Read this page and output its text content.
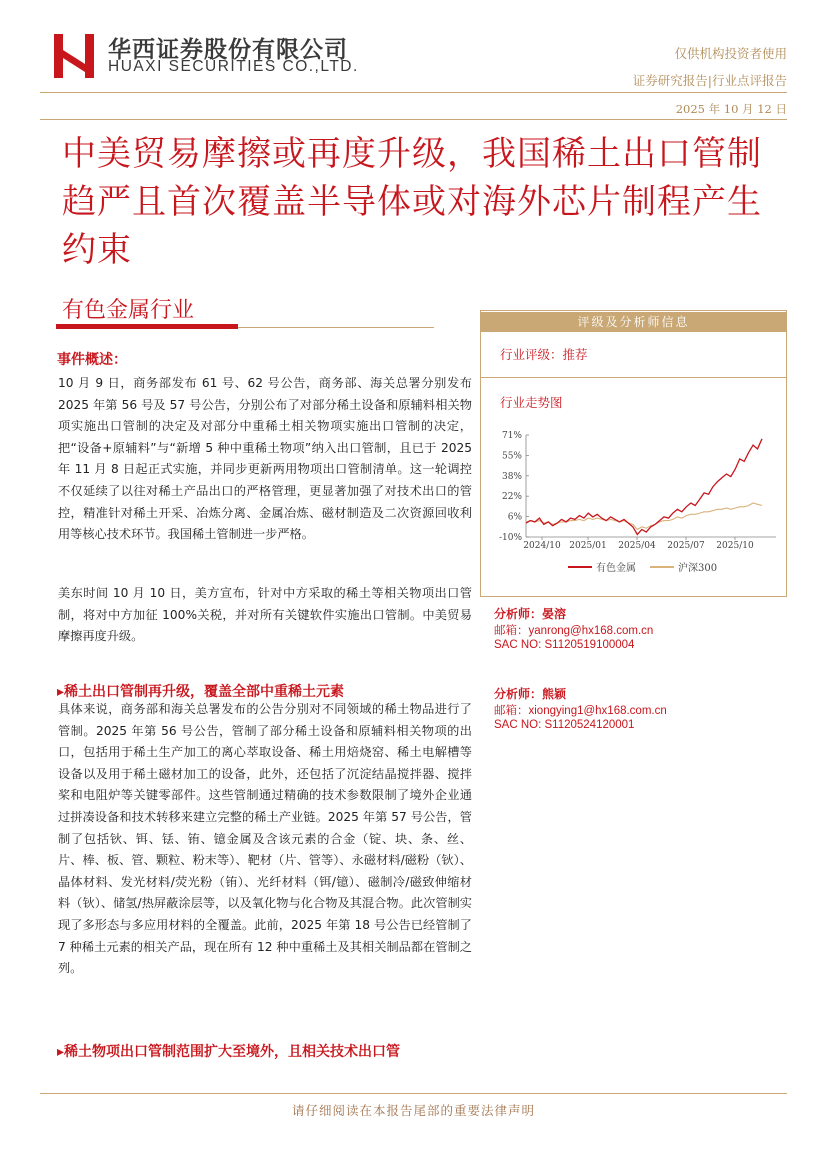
华西证券股份有限公司
HUAXI SECURITIES CO.,LTD.
仅供机构投资者使用
证券研究报告|行业点评报告
2025 年 10 月 12 日
中美贸易摩擦或再度升级，我国稀土出口管制趋严且首次覆盖半导体或对海外芯片制程产生约束
有色金属行业
事件概述：
10 月 9 日，商务部发布 61 号、62 号公告，商务部、海关总署分别发布 2025 年第 56 号及 57 号公告，分别公布了对部分稀土设备和原辅料相关物项实施出口管制的决定及对部分中重稀土相关物项实施出口管制的决定，把“设备+原辅料”与“新增 5 种中重稀土物项”纳入出口管制，且已于 2025 年 11 月 8 日起正式实施，并同步更新两用物项出口管制清单。这一轮调控不仅延续了以往对稀土产品出口的严格管理，更显著加强了对技术出口的管控，精准针对稀土开采、冶炼分离、金属冶炼、磁材制造及二次资源回收利用等核心技术环节。我国稀土管制进一步严格。
美东时间 10 月 10 日，美方宣布，针对中方采取的稀土等相关物项出口管制，将对中方加征 100%关税，并对所有关键软件实施出口管制。中美贸易摩擦再度升级。
▸稀土出口管制再升级，覆盖全部中重稀土元素
具体来说，商务部和海关总署发布的公告分别对不同领域的稀土物品进行了管制。2025 年第 56 号公告，管制了部分稀土设备和原辅料相关物项的出口，包括用于稀土生产加工的离心萃取设备、稀土用焙烧窑、稀土电解槽等设备以及用于稀土磁材加工的设备，此外，还包括了沉淀结晶搅拌器、搅拌桨和电阻炉等关键零部件。这些管制通过精确的技术参数限制了境外企业通过拼凑设备和技术转移来建立完整的稀土产业链。2025 年第 57 号公告，管制了包括钬、铒、铥、铕、镱金属及含该元素的合金（锭、块、条、丝、片、棒、板、管、颗粒、粉末等）、靶材（片、管等）、永磁材料/磁粉（钬）、晶体材料、发光材料/荧光粉（铕）、光纤材料（铒/镱）、磁制冷/磁致伸缩材料（钬）、储氢/热屏蔽涂层等，以及氧化物与化合物及其混合物。此次管制实现了多形态与多应用材料的全覆盖。此前，2025 年第 18 号公告已经管制了 7 种稀土元素的相关产品，现在所有 12 种中重稀土及其相关制品都在管制之列。
▸稀土物项出口管制范围扩大至境外，且相关技术出口管
评级及分析师信息
行业评级：推荐
行业走势图
71%
55%
38%
22%
6%
-10%
2024/10 2025/01 2025/04 2025/07 2025/10
有色金属	沪深300
分析师：晏溶
邮箱：yanrong@hx168.com.cn
SAC NO: S1120519100004
分析师：熊颖
邮箱：xiongying1@hx168.com.cn
SAC NO: S1120524120001
请仔细阅读在本报告尾部的重要法律声明
